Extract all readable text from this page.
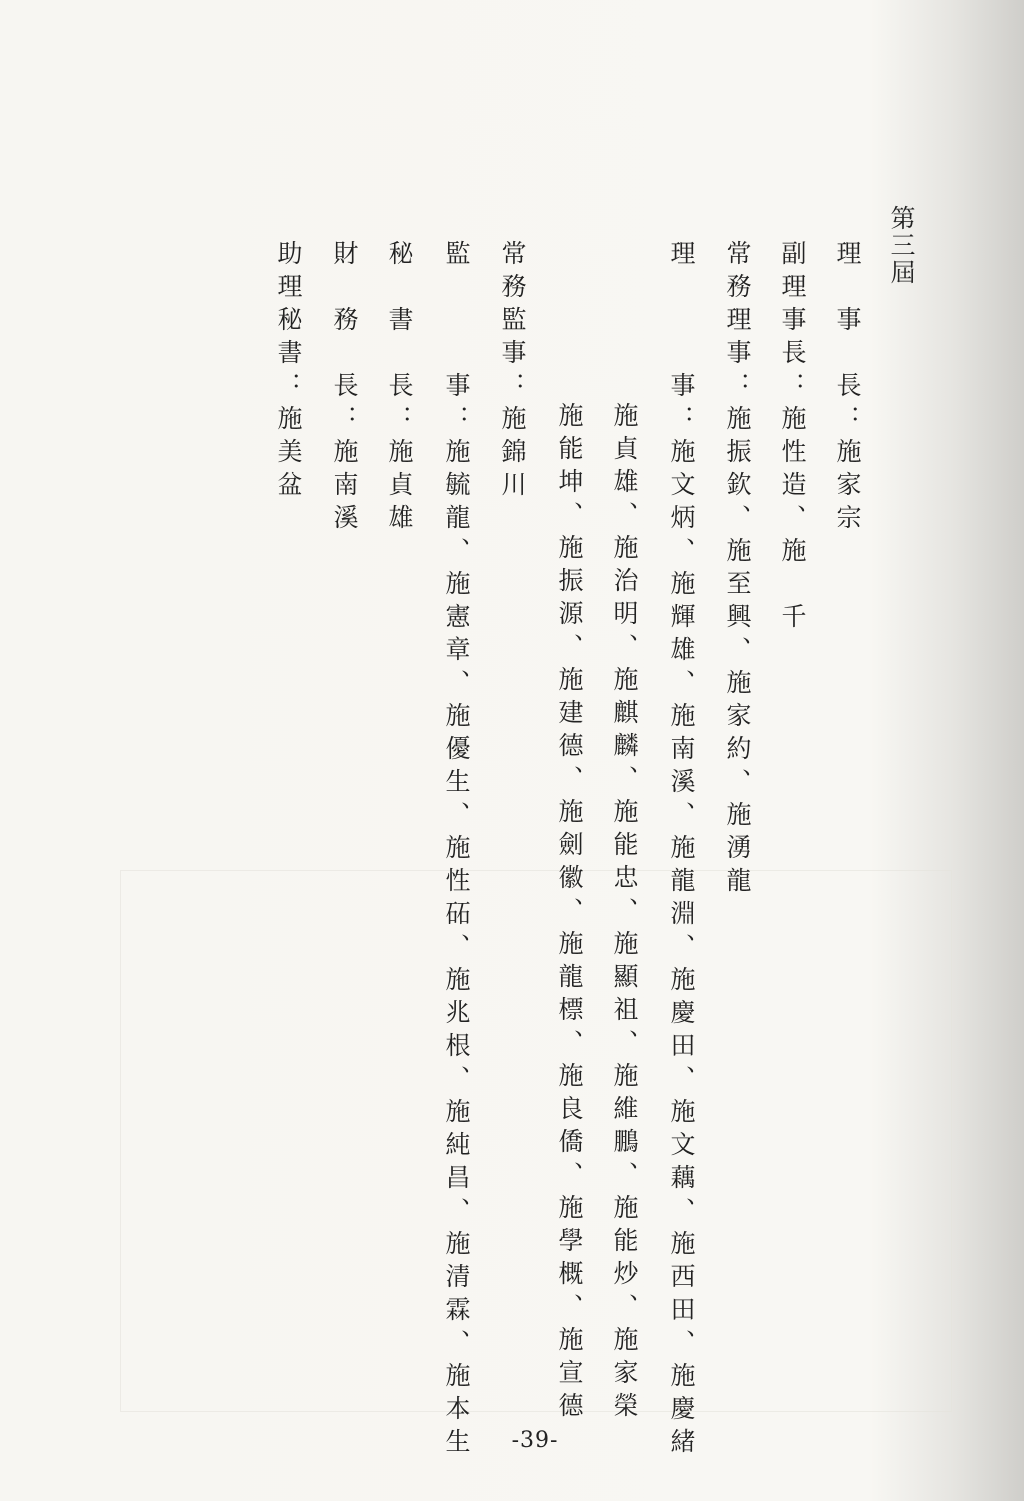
第三屆
理　事　長：施家宗
副理事長：施性造、施　千
常務理事：施振欽、施至興、施家約、施湧龍
理　　　事：施文炳、施輝雄、施南溪、施龍淵、施慶田、施文藕、施西田、施慶緒
施貞雄、施治明、施麒麟、施能忠、施顯祖、施維鵬、施能炒、施家榮
施能坤、施振源、施建德、施劍徽、施龍標、施良僑、施學概、施宣德
常務監事：施錦川
監　　　事：施毓龍、施憲章、施優生、施性砳、施兆根、施純昌、施清霖、施本生
秘　書　長：施貞雄
財　務　長：施南溪
助理秘書：施美盆
-39-
